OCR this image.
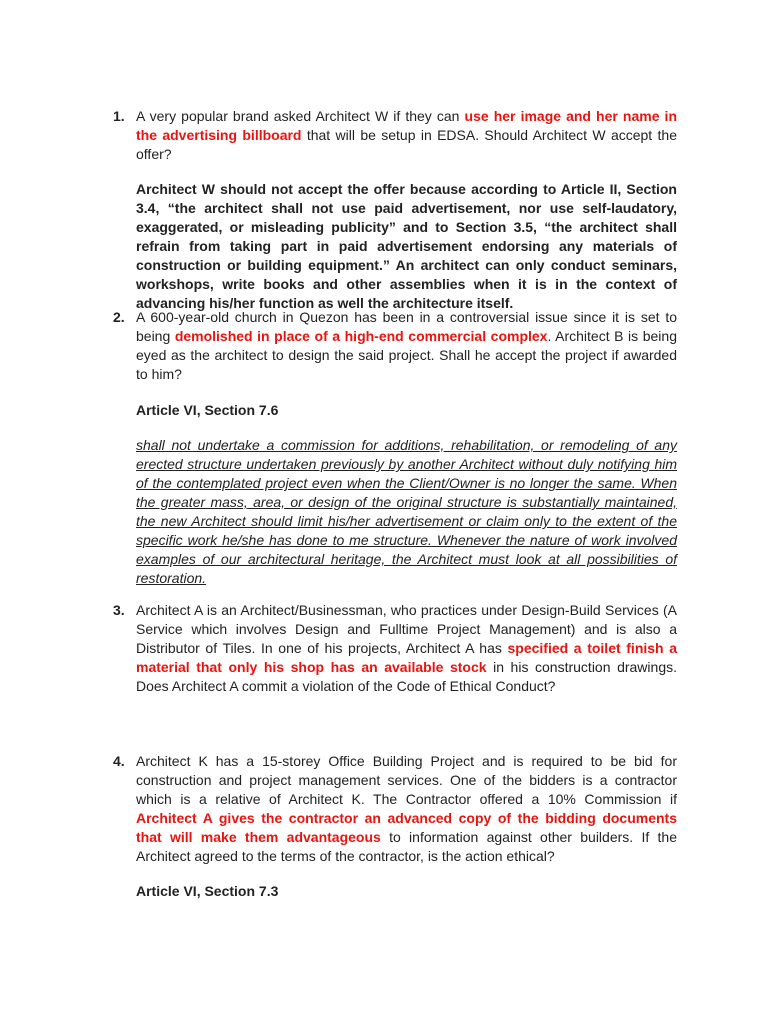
1. A very popular brand asked Architect W if they can use her image and her name in the advertising billboard that will be setup in EDSA. Should Architect W accept the offer?

Architect W should not accept the offer because according to Article II, Section 3.4, “the architect shall not use paid advertisement, nor use self-laudatory, exaggerated, or misleading publicity” and to Section 3.5, “the architect shall refrain from taking part in paid advertisement endorsing any materials of construction or building equipment.” An architect can only conduct seminars, workshops, write books and other assemblies when it is in the context of advancing his/her function as well the architecture itself.

2. A 600-year-old church in Quezon has been in a controversial issue since it is set to being demolished in place of a high-end commercial complex. Architect B is being eyed as the architect to design the said project. Shall he accept the project if awarded to him?

Article VI, Section 7.6

shall not undertake a commission for additions, rehabilitation, or remodeling of any erected structure undertaken previously by another Architect without duly notifying him of the contemplated project even when the Client/Owner is no longer the same. When the greater mass, area, or design of the original structure is substantially maintained, the new Architect should limit his/her advertisement or claim only to the extent of the specific work he/she has done to me structure. Whenever the nature of work involved examples of our architectural heritage, the Architect must look at all possibilities of restoration.

3. Architect A is an Architect/Businessman, who practices under Design-Build Services (A Service which involves Design and Fulltime Project Management) and is also a Distributor of Tiles. In one of his projects, Architect A has specified a toilet finish a material that only his shop has an available stock in his construction drawings. Does Architect A commit a violation of the Code of Ethical Conduct?

4. Architect K has a 15-storey Office Building Project and is required to be bid for construction and project management services. One of the bidders is a contractor which is a relative of Architect K. The Contractor offered a 10% Commission if Architect A gives the contractor an advanced copy of the bidding documents that will make them advantageous to information against other builders. If the Architect agreed to the terms of the contractor, is the action ethical?

Article VI, Section 7.3
